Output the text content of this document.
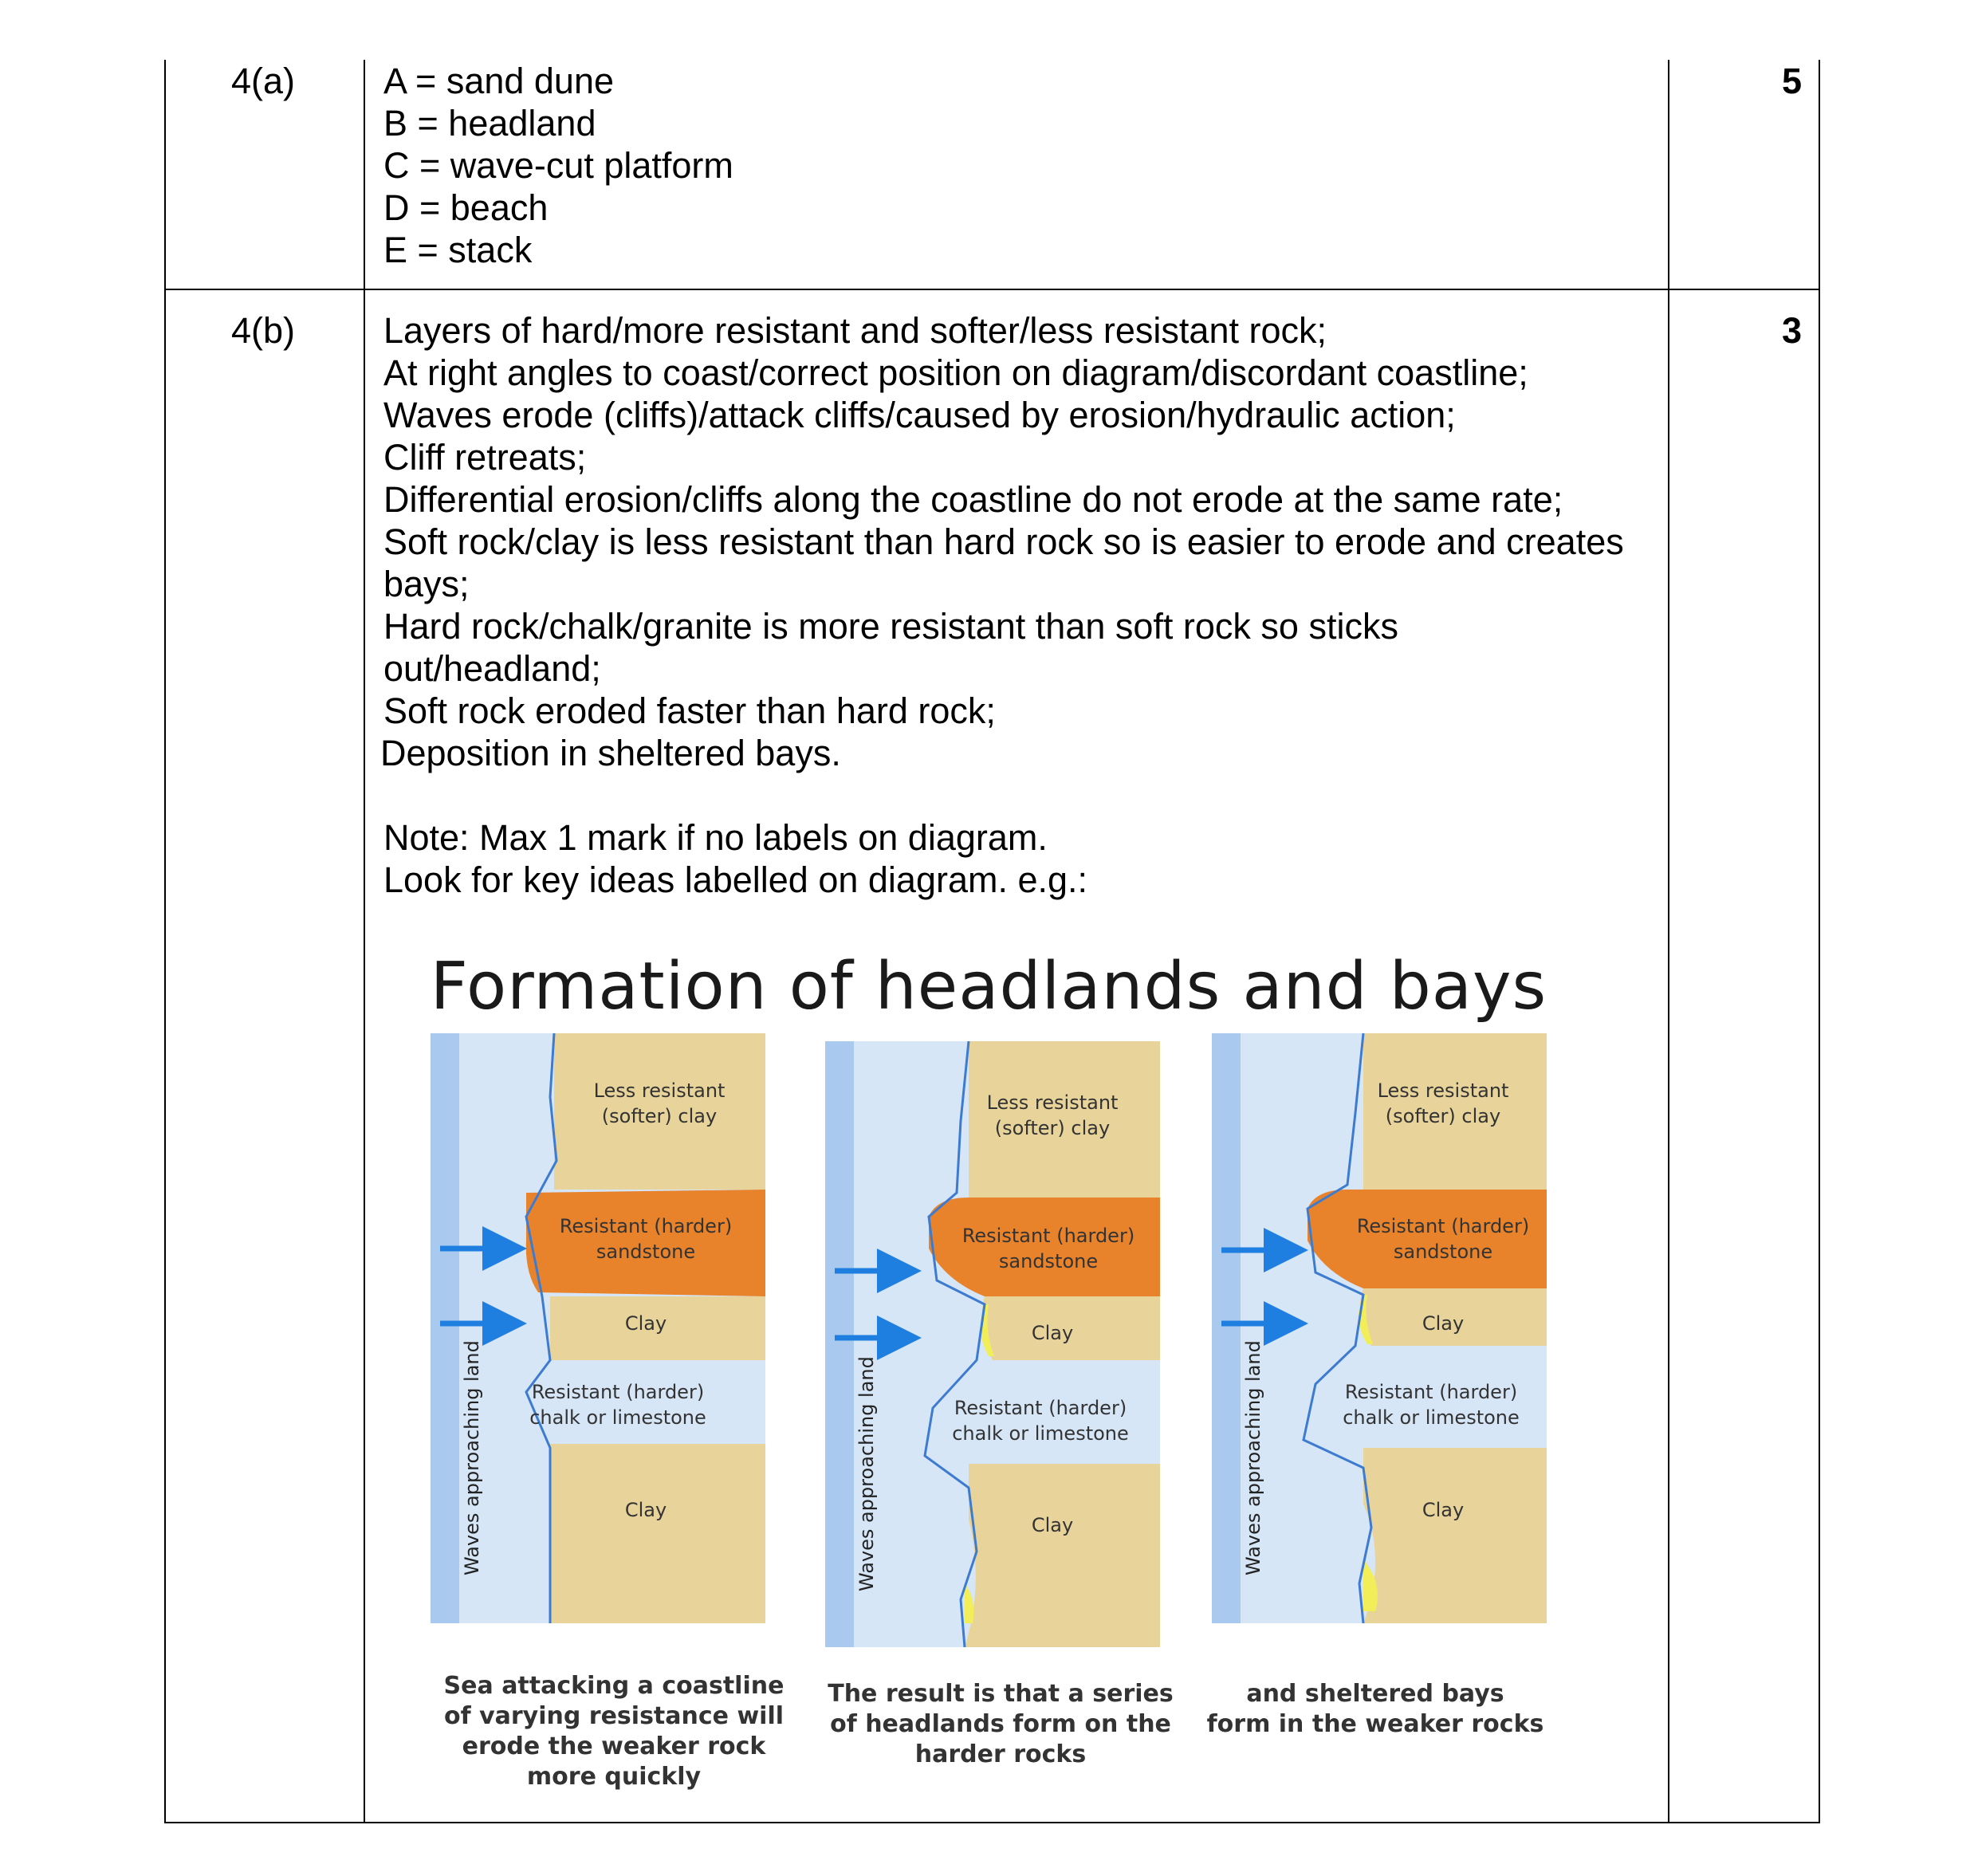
4(a) A = sand dune
B = headland
C = wave-cut platform
D = beach
E = stack
5
4(b) Layers of hard/more resistant and softer/less resistant rock;
At right angles to coast/correct position on diagram/discordant coastline;
Waves erode (cliffs)/attack cliffs/caused by erosion/hydraulic action;
Cliff retreats;
Differential erosion/cliffs along the coastline do not erode at the same rate;
Soft rock/clay is less resistant than hard rock so is easier to erode and creates
bays;
Hard rock/chalk/granite is more resistant than soft rock so sticks
out/headland;
Soft rock eroded faster than hard rock;
Deposition in sheltered bays.
Note: Max 1 mark if no labels on diagram.
Look for key ideas labelled on diagram. e.g.:
3
Formation of headlands and bays
Waves approaching land
Less resistant
(softer) clay
Resistant (harder)
sandstone
Clay
Resistant (harder)
chalk or limestone
Clay	Waves approaching land
Less resistant
(softer) clay
Resistant (harder)
sandstone
Clay
Resistant (harder)
chalk or limestone
Clay	Waves approaching land
Less resistant
(softer) clay
Resistant (harder)
sandstone
Clay
Resistant (harder)
chalk or limestone
Clay
Sea attacking a coastline
of varying resistance will
erode the weaker rock
more quickly
The result is that a series
of headlands form on the
harder rocks
and sheltered bays
form in the weaker rocks
